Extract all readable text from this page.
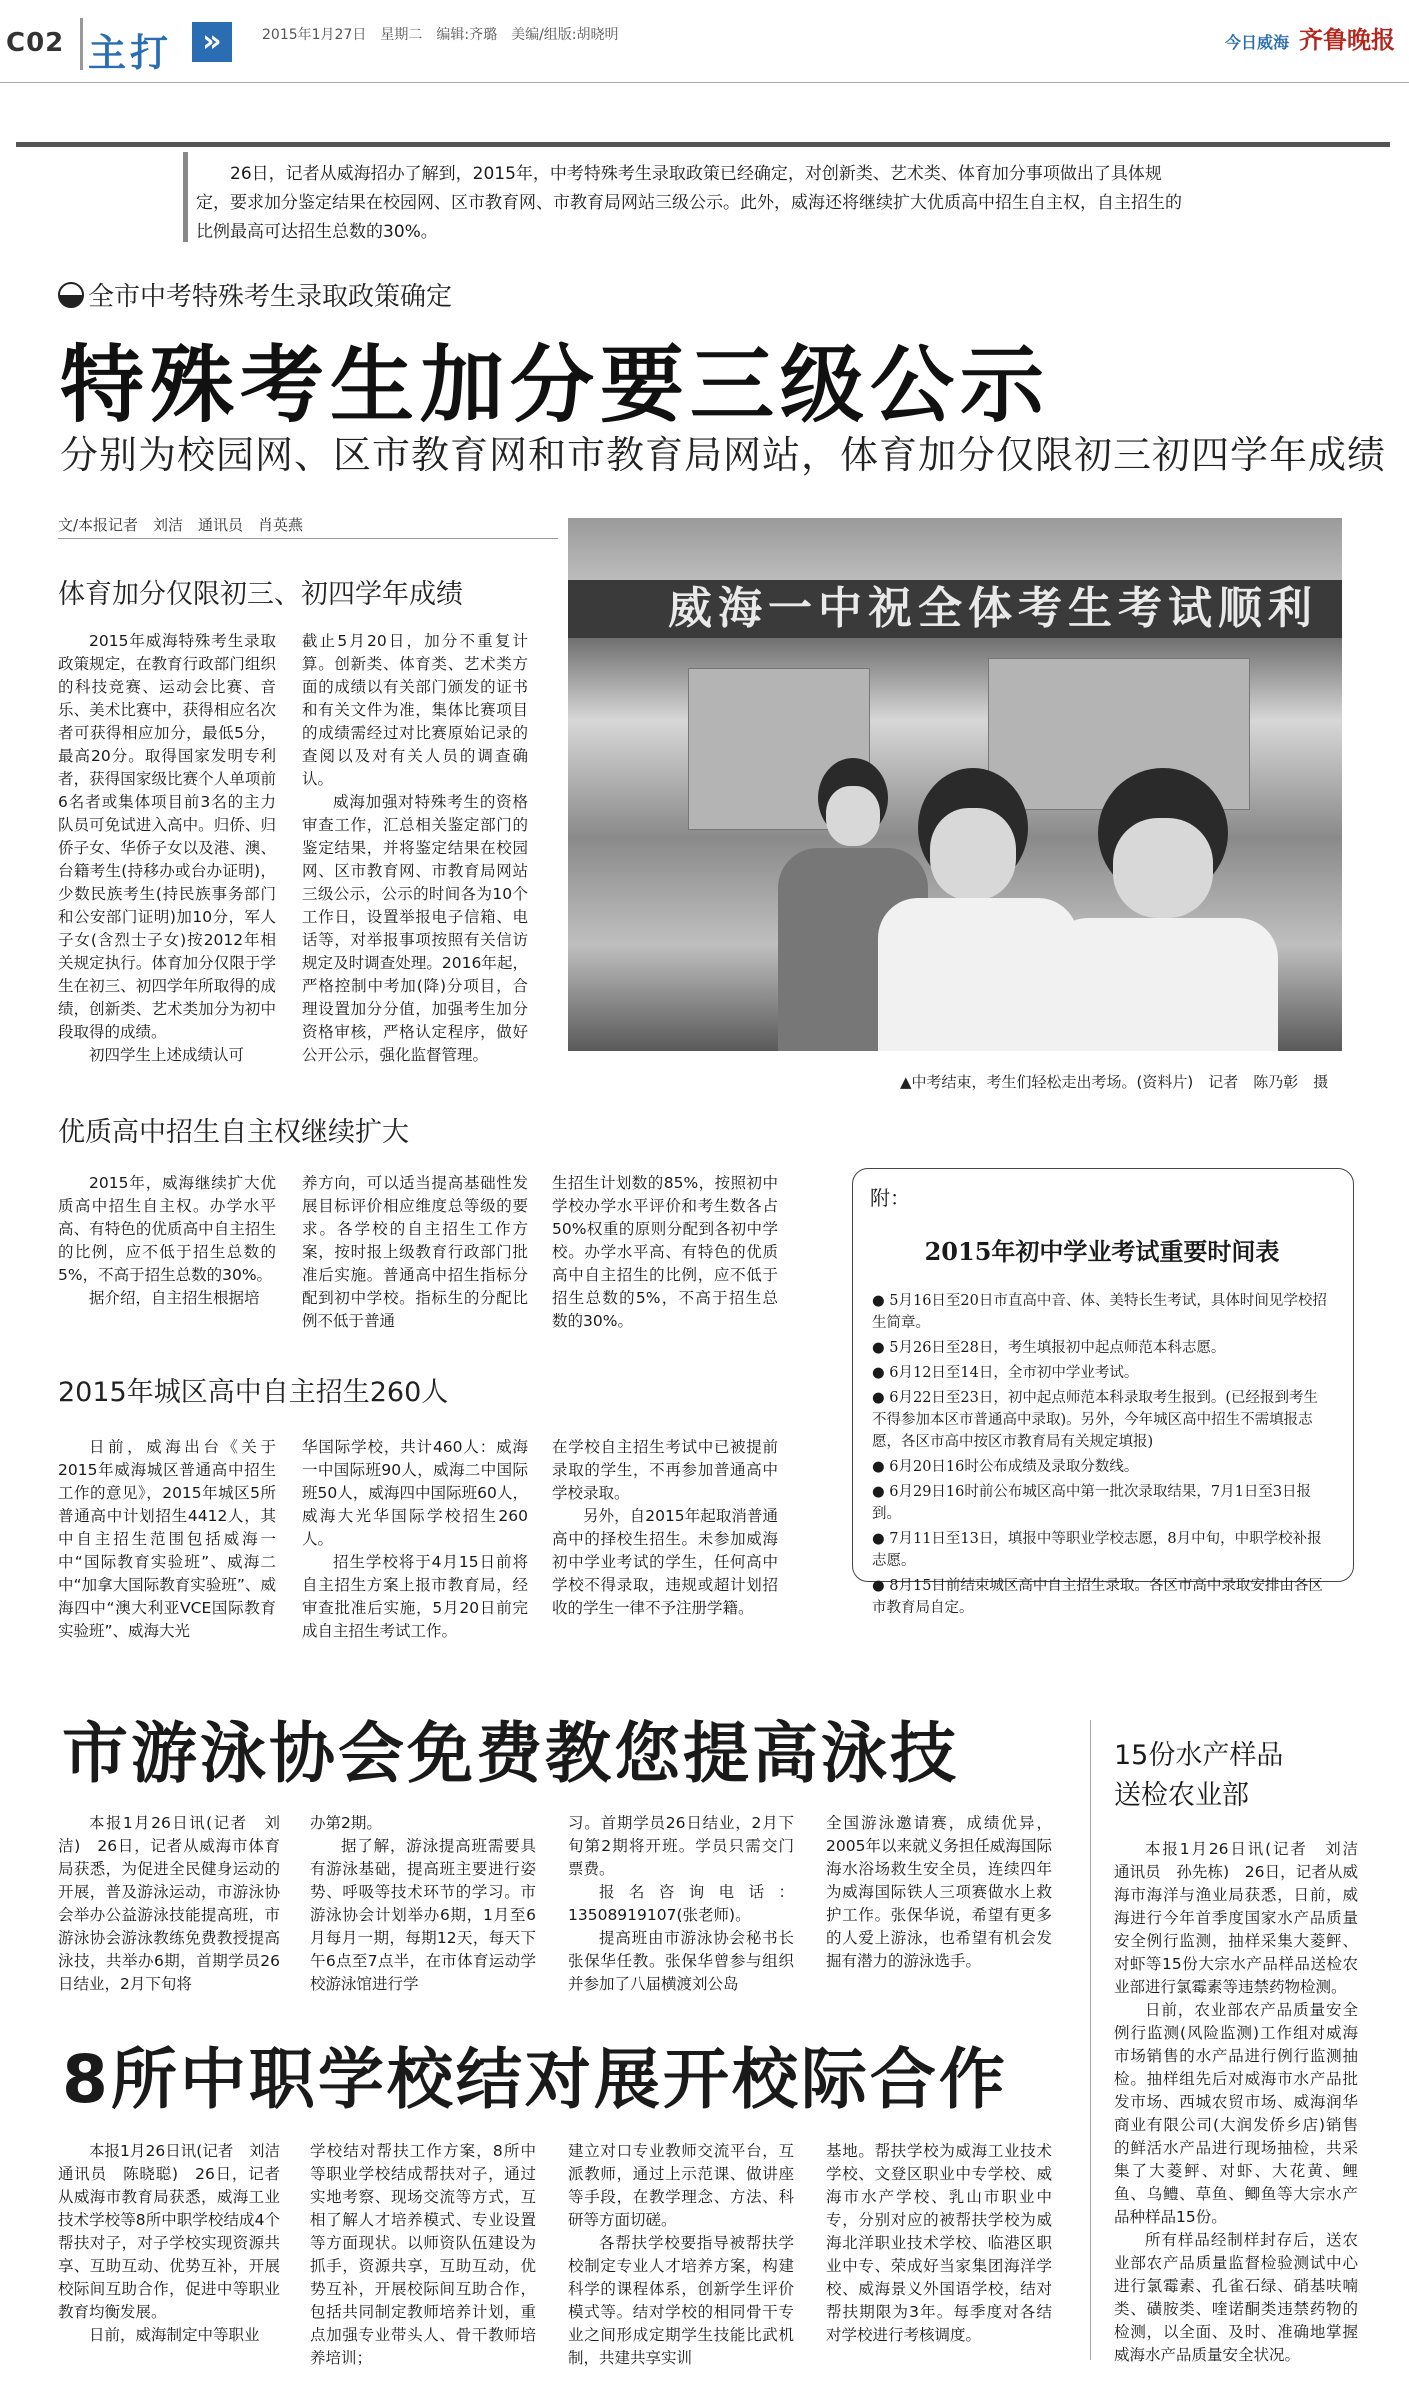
C02 主打	»	2015年1月27日　星期二　编辑:齐璐　美编/组版:胡晓明	今日威海 齐鲁晚报
26日，记者从威海招办了解到，2015年，中考特殊考生录取政策已经确定，对创新类、艺术类、体育加分事项做出了具体规定，要求加分鉴定结果在校园网、区市教育网、市教育局网站三级公示。此外，威海还将继续扩大优质高中招生自主权，自主招生的比例最高可达招生总数的30%。
全市中考特殊考生录取政策确定
特殊考生加分要三级公示
分别为校园网、区市教育网和市教育局网站，体育加分仅限初三初四学年成绩
文/本报记者　刘洁　通讯员　肖英燕
体育加分仅限初三、初四学年成绩

2015年威海特殊考生录取政策规定，在教育行政部门组织的科技竞赛、运动会比赛、音乐、美术比赛中，获得相应名次者可获得相应加分，最低5分，最高20分。取得国家发明专利者，获得国家级比赛个人单项前6名者或集体项目前3名的主力队员可免试进入高中。归侨、归侨子女、华侨子女以及港、澳、台籍考生(持移办或台办证明)，少数民族考生(持民族事务部门和公安部门证明)加10分，军人子女(含烈士子女)按2012年相关规定执行。体育加分仅限于学生在初三、初四学年所取得的成绩，创新类、艺术类加分为初中段取得的成绩。

初四学生上述成绩认可

截止5月20日，加分不重复计算。创新类、体育类、艺术类方面的成绩以有关部门颁发的证书和有关文件为准，集体比赛项目的成绩需经过对比赛原始记录的查阅以及对有关人员的调查确认。

威海加强对特殊考生的资格审查工作，汇总相关鉴定部门的鉴定结果，并将鉴定结果在校园网、区市教育网、市教育局网站三级公示，公示的时间各为10个工作日，设置举报电子信箱、电话等，对举报事项按照有关信访规定及时调查处理。2016年起，严格控制中考加(降)分项目，合理设置加分分值，加强考生加分资格审核，严格认定程序，做好公开公示，强化监督管理。

威海一中祝全体考生考试顺利
▲中考结束，考生们轻松走出考场。(资料片)　记者　陈乃彰　摄
优质高中招生自主权继续扩大

2015年，威海继续扩大优质高中招生自主权。办学水平高、有特色的优质高中自主招生的比例，应不低于招生总数的5%，不高于招生总数的30%。

据介绍，自主招生根据培

养方向，可以适当提高基础性发展目标评价相应维度总等级的要求。各学校的自主招生工作方案，按时报上级教育行政部门批准后实施。普通高中招生指标分配到初中学校。指标生的分配比例不低于普通

生招生计划数的85%，按照初中学校办学水平评价和考生数各占50%权重的原则分配到各初中学校。办学水平高、有特色的优质高中自主招生的比例，应不低于招生总数的5%，不高于招生总数的30%。

2015年城区高中自主招生260人

日前，威海出台《关于2015年威海城区普通高中招生工作的意见》，2015年城区5所普通高中计划招生4412人，其中自主招生范围包括威海一中“国际教育实验班”、威海二中“加拿大国际教育实验班”、威海四中“澳大利亚VCE国际教育实验班”、威海大光

华国际学校，共计460人：威海一中国际班90人，威海二中国际班50人，威海四中国际班60人，威海大光华国际学校招生260人。

招生学校将于4月15日前将自主招生方案上报市教育局，经审查批准后实施，5月20日前完成自主招生考试工作。

在学校自主招生考试中已被提前录取的学生，不再参加普通高中学校录取。

另外，自2015年起取消普通高中的择校生招生。未参加威海初中学业考试的学生，任何高中学校不得录取，违规或超计划招收的学生一律不予注册学籍。

附：
2015年初中学业考试重要时间表
● 5月16日至20日市直高中音、体、美特长生考试，具体时间见学校招生简章。
● 5月26日至28日，考生填报初中起点师范本科志愿。
● 6月12日至14日，全市初中学业考试。
● 6月22日至23日，初中起点师范本科录取考生报到。(已经报到考生不得参加本区市普通高中录取)。另外，今年城区高中招生不需填报志愿，各区市高中按区市教育局有关规定填报)
● 6月20日16时公布成绩及录取分数线。
● 6月29日16时前公布城区高中第一批次录取结果，7月1日至3日报到。
● 7月11日至13日，填报中等职业学校志愿，8月中旬，中职学校补报志愿。
● 8月15日前结束城区高中自主招生录取。各区市高中录取安排由各区市教育局自定。
市游泳协会免费教您提高泳技

本报1月26日讯(记者　刘洁)　26日，记者从威海市体育局获悉，为促进全民健身运动的开展，普及游泳运动，市游泳协会举办公益游泳技能提高班，市游泳协会游泳教练免费教授提高泳技，共举办6期，首期学员26日结业，2月下旬将

办第2期。

据了解，游泳提高班需要具有游泳基础，提高班主要进行姿势、呼吸等技术环节的学习。市游泳协会计划举办6期，1月至6月每月一期，每期12天，每天下午6点至7点半，在市体育运动学校游泳馆进行学

习。首期学员26日结业，2月下旬第2期将开班。学员只需交门票费。

报名咨询电话：13508919107(张老师)。

提高班由市游泳协会秘书长张保华任教。张保华曾参与组织并参加了八届横渡刘公岛

全国游泳邀请赛，成绩优异，2005年以来就义务担任威海国际海水浴场救生安全员，连续四年为威海国际铁人三项赛做水上救护工作。张保华说，希望有更多的人爱上游泳，也希望有机会发掘有潜力的游泳选手。

8所中职学校结对展开校际合作

本报1月26日讯(记者　刘洁　通讯员　陈晓聪)　26日，记者从威海市教育局获悉，威海工业技术学校等8所中职学校结成4个帮扶对子，对子学校实现资源共享、互助互动、优势互补，开展校际间互助合作，促进中等职业教育均衡发展。

日前，威海制定中等职业

学校结对帮扶工作方案，8所中等职业学校结成帮扶对子，通过实地考察、现场交流等方式，互相了解人才培养模式、专业设置等方面现状。以师资队伍建设为抓手，资源共享，互助互动，优势互补，开展校际间互助合作，包括共同制定教师培养计划，重点加强专业带头人、骨干教师培养培训；

建立对口专业教师交流平台，互派教师，通过上示范课、做讲座等手段，在教学理念、方法、科研等方面切磋。

各帮扶学校要指导被帮扶学校制定专业人才培养方案，构建科学的课程体系，创新学生评价模式等。结对学校的相同骨干专业之间形成定期学生技能比武机制，共建共享实训

基地。帮扶学校为威海工业技术学校、文登区职业中专学校、威海市水产学校、乳山市职业中专，分别对应的被帮扶学校为威海北洋职业技术学校、临港区职业中专、荣成好当家集团海洋学校、威海景义外国语学校，结对帮扶期限为3年。每季度对各结对学校进行考核调度。

15份水产样品
送检农业部

本报1月26日讯(记者　刘洁　通讯员　孙先栋)　26日，记者从威海市海洋与渔业局获悉，日前，威海进行今年首季度国家水产品质量安全例行监测，抽样采集大菱鲆、对虾等15份大宗水产品样品送检农业部进行氯霉素等违禁药物检测。

日前，农业部农产品质量安全例行监测(风险监测)工作组对威海市场销售的水产品进行例行监测抽检。抽样组先后对威海市水产品批发市场、西城农贸市场、威海润华商业有限公司(大润发侨乡店)销售的鲜活水产品进行现场抽检，共采集了大菱鲆、对虾、大花黄、鲤鱼、乌鳢、草鱼、鲫鱼等大宗水产品种样品15份。

所有样品经制样封存后，送农业部农产品质量监督检验测试中心进行氯霉素、孔雀石绿、硝基呋喃类、磺胺类、喹诺酮类违禁药物的检测，以全面、及时、准确地掌握威海水产品质量安全状况。
